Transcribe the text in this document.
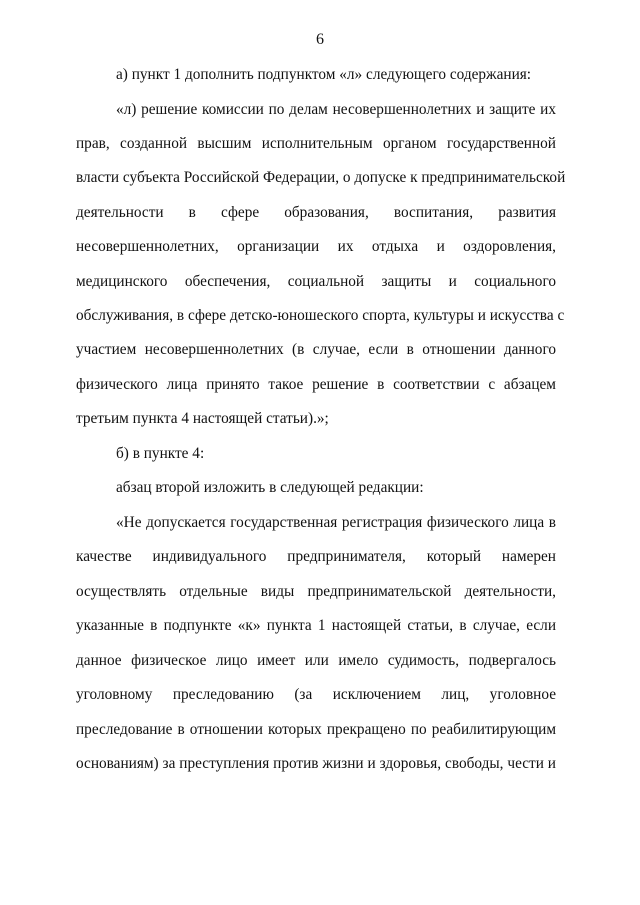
6
а) пункт 1 дополнить подпунктом «л» следующего содержания:
«л) решение комиссии по делам несовершеннолетних и защите их
прав, созданной высшим исполнительным органом государственной
власти субъекта Российской Федерации, о допуске к предпринимательской
деятельности в сфере образования, воспитания, развития
несовершеннолетних, организации их отдыха и оздоровления,
медицинского обеспечения, социальной защиты и социального
обслуживания, в сфере детско-юношеского спорта, культуры и искусства с
участием несовершеннолетних (в случае, если в отношении данного
физического лица принято такое решение в соответствии с абзацем
третьим пункта 4 настоящей статьи).»;
б) в пункте 4:
абзац второй изложить в следующей редакции:
«Не допускается государственная регистрация физического лица в
качестве индивидуального предпринимателя, который намерен
осуществлять отдельные виды предпринимательской деятельности,
указанные в подпункте «к» пункта 1 настоящей статьи, в случае, если
данное физическое лицо имеет или имело судимость, подвергалось
уголовному преследованию (за исключением лиц, уголовное
преследование в отношении которых прекращено по реабилитирующим
основаниям) за преступления против жизни и здоровья, свободы, чести и
